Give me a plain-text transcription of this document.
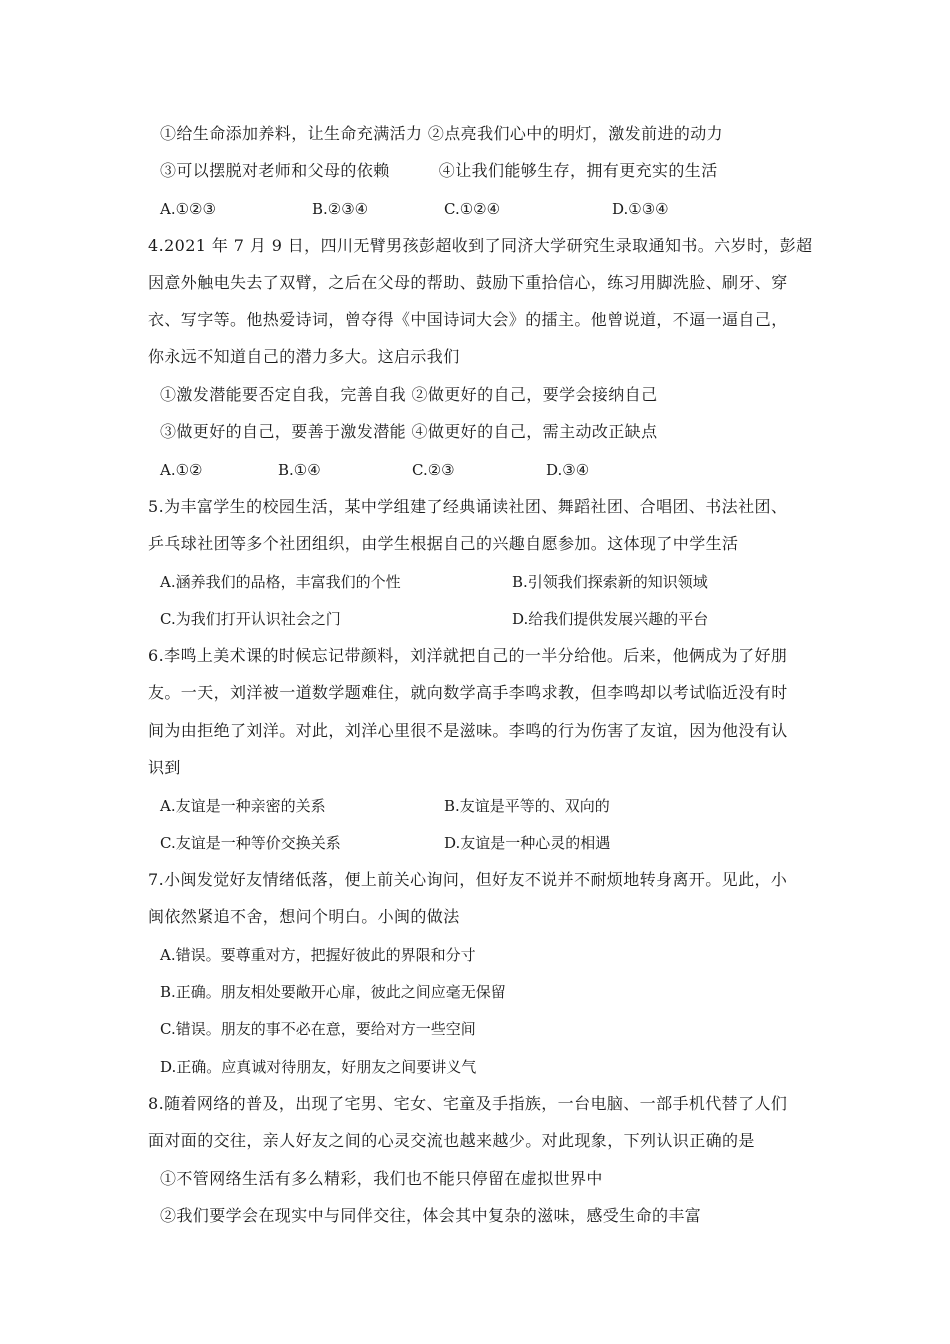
①给生命添加养料，让生命充满活力 ②点亮我们心中的明灯，激发前进的动力
③可以摆脱对老师和父母的依赖　　　④让我们能够生存，拥有更充实的生活
A.①②③	B.②③④	C.①②④	D.①③④
4.2021 年 7 月 9 日，四川无臂男孩彭超收到了同济大学研究生录取通知书。六岁时，彭超
因意外触电失去了双臂，之后在父母的帮助、鼓励下重拾信心，练习用脚洗脸、刷牙、穿
衣、写字等。他热爱诗词，曾夺得《中国诗词大会》的擂主。他曾说道，不逼一逼自己，
你永远不知道自己的潜力多大。这启示我们
①激发潜能要否定自我，完善自我 ②做更好的自己，要学会接纳自己
③做更好的自己，要善于激发潜能 ④做更好的自己，需主动改正缺点
A.①②	B.①④	C.②③	D.③④
5.为丰富学生的校园生活，某中学组建了经典诵读社团、舞蹈社团、合唱团、书法社团、
乒乓球社团等多个社团组织，由学生根据自己的兴趣自愿参加。这体现了中学生活
A.涵养我们的品格，丰富我们的个性	B.引领我们探索新的知识领域
C.为我们打开认识社会之门	D.给我们提供发展兴趣的平台
6.李鸣上美术课的时候忘记带颜料，刘洋就把自己的一半分给他。后来，他俩成为了好朋
友。一天，刘洋被一道数学题难住，就向数学高手李鸣求教，但李鸣却以考试临近没有时
间为由拒绝了刘洋。对此，刘洋心里很不是滋味。李鸣的行为伤害了友谊，因为他没有认
识到
A.友谊是一种亲密的关系	B.友谊是平等的、双向的
C.友谊是一种等价交换关系	D.友谊是一种心灵的相遇
7.小闽发觉好友情绪低落，便上前关心询问，但好友不说并不耐烦地转身离开。见此，小
闽依然紧追不舍，想问个明白。小闽的做法
A.错误。要尊重对方，把握好彼此的界限和分寸
B.正确。朋友相处要敞开心扉，彼此之间应毫无保留
C.错误。朋友的事不必在意，要给对方一些空间
D.正确。应真诚对待朋友，好朋友之间要讲义气
8.随着网络的普及，出现了宅男、宅女、宅童及手指族，一台电脑、一部手机代替了人们
面对面的交往，亲人好友之间的心灵交流也越来越少。对此现象，下列认识正确的是
①不管网络生活有多么精彩，我们也不能只停留在虚拟世界中
②我们要学会在现实中与同伴交往，体会其中复杂的滋味，感受生命的丰富
